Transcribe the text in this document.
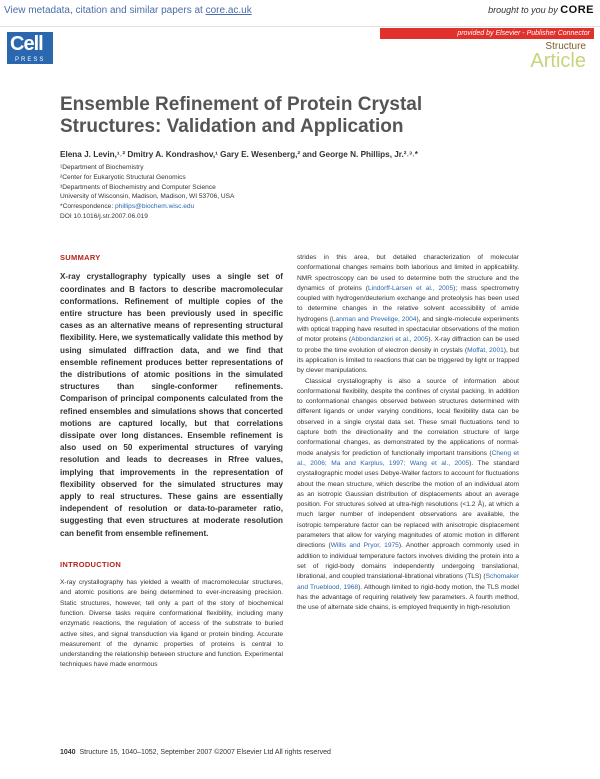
View metadata, citation and similar papers at core.ac.uk	brought to you by CORE
provided by Elsevier - Publisher Connector
Cell
PRESS
Structure
Article
Ensemble Refinement of Protein Crystal Structures: Validation and Application
Elena J. Levin,¹˒² Dmitry A. Kondrashov,¹ Gary E. Wesenberg,² and George N. Phillips, Jr.²˒³˒*
¹Department of Biochemistry
²Center for Eukaryotic Structural Genomics
³Departments of Biochemistry and Computer Science
University of Wisconsin, Madison, Madison, WI 53706, USA
*Correspondence: phillips@biochem.wisc.edu
DOI 10.1016/j.str.2007.06.019
SUMMARY

X-ray crystallography typically uses a single set of coordinates and B factors to describe macromolecular conformations. Refinement of multiple copies of the entire structure has been previously used in specific cases as an alternative means of representing structural flexibility. Here, we systematically validate this method by using simulated diffraction data, and we find that ensemble refinement produces better representations of the distributions of atomic positions in the simulated structures than single-conformer refinements. Comparison of principal components calculated from the refined ensembles and simulations shows that concerted motions are captured locally, but that correlations dissipate over long distances. Ensemble refinement is also used on 50 experimental structures of varying resolution and leads to decreases in Rfree values, implying that improvements in the representation of flexibility observed for the simulated structures may apply to real structures. These gains are essentially independent of resolution or data-to-parameter ratio, suggesting that even structures at moderate resolution can benefit from ensemble refinement.

INTRODUCTION

X-ray crystallography has yielded a wealth of macromolecular structures, and atomic positions are being determined to ever-increasing precision. Static structures, however, tell only a part of the story of biochemical function. Diverse tasks require conformational flexibility, including many enzymatic reactions, the regulation of access of the substrate to buried active sites, and signal transduction via ligand or protein binding. Accurate measurement of the dynamic properties of proteins is central to understanding the relationship between structure and function. Experimental techniques have made enormous

strides in this area, but detailed characterization of molecular conformational changes remains both laborious and limited in applicability. NMR spectroscopy can be used to determine both the structure and the dynamics of proteins (Lindorff-Larsen et al., 2005); mass spectrometry coupled with hydrogen/deuterium exchange and proteolysis has been used to determine changes in the relative solvent accessibility of amide hydrogens (Lanman and Prevelige, 2004), and single-molecule experiments with optical trapping have resulted in spectacular observations of the motion of motor proteins (Abbondanzieri et al., 2005). X-ray diffraction can be used to probe the time evolution of electron density in crystals (Moffat, 2001), but its application is limited to reactions that can be triggered by light or trapped by clever manipulations.

Classical crystallography is also a source of information about conformational flexibility, despite the confines of crystal packing. In addition to conformational changes observed between structures determined with different ligands or under varying conditions, local flexibility data can be observed in a single crystal data set. These small fluctuations tend to capture both the directionality and the correlation structure of large conformational changes, as demonstrated by the applications of normal-mode analysis for prediction of functionally important transitions (Cheng et al., 2006; Ma and Karplus, 1997; Wang et al., 2005). The standard crystallographic model uses Debye-Waller factors to account for fluctuations about the mean structure, which describe the motion of an individual atom as an isotropic Gaussian distribution of displacements about an average position. For structures solved at ultra-high resolutions (<1.2 Å), at which a much larger number of independent observations are available, the isotropic temperature factor can be replaced with anisotropic displacement parameters that allow for varying magnitudes of atomic motion in different directions (Willis and Pryor, 1975). Another approach commonly used in addition to individual temperature factors involves dividing the protein into a set of rigid-body domains independently undergoing translational, librational, and coupled translational-librational vibrations (TLS) (Schomaker and Trueblood, 1968). Although limited to rigid-body motion, the TLS model has the advantage of requiring relatively few parameters. A fourth method, the use of alternate side chains, is employed frequently in high-resolution

1040 Structure 15, 1040–1052, September 2007 ©2007 Elsevier Ltd All rights reserved
